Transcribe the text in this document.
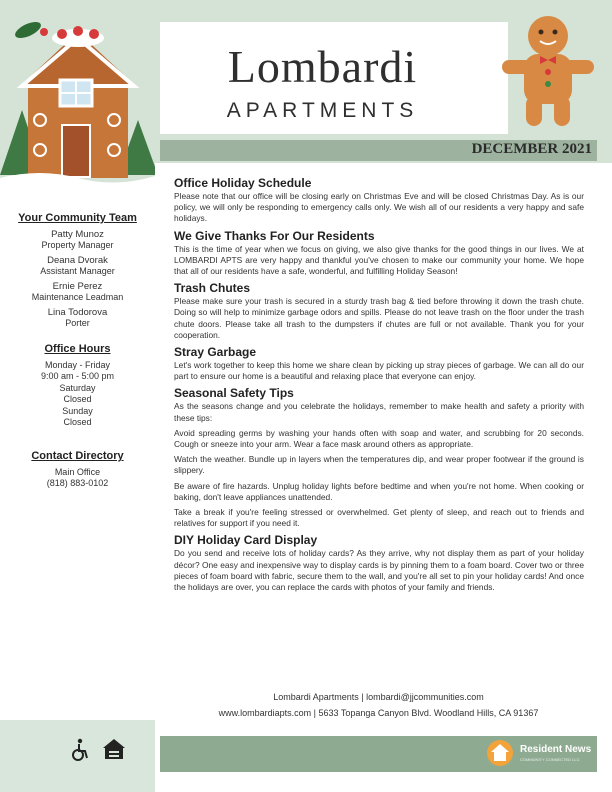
Your Community Team
Patty Munoz
Property Manager
Deana Dvorak
Assistant Manager
Ernie Perez
Maintenance Leadman
Lina Todorova
Porter
Office Hours
Monday - Friday
9:00 am - 5:00 pm
Saturday
Closed
Sunday
Closed
Contact Directory
Main Office
(818) 883-0102
Lombardi
APARTMENTS
DECEMBER 2021
Office Holiday Schedule

Please note that our office will be closing early on Christmas Eve and will be closed Christmas Day. As is our policy, we will only be responding to emergency calls only. We wish all of our residents a very happy and safe holidays.

We Give Thanks For Our Residents

This is the time of year when we focus on giving, we also give thanks for the good things in our lives. We at LOMBARDI APTS are very happy and thankful you've chosen to make our community your home. We hope that all of our residents have a safe, wonderful, and fulfilling Holiday Season!

Trash Chutes

Please make sure your trash is secured in a sturdy trash bag & tied before throwing it down the trash chute. Doing so will help to minimize garbage odors and spills. Please do not leave trash on the floor under the trash chute doors. Please take all trash to the dumpsters if chutes are full or not available. Thank you for your cooperation.

Stray Garbage

Let's work together to keep this home we share clean by picking up stray pieces of garbage. We can all do our part to ensure our home is a beautiful and relaxing place that everyone can enjoy.

Seasonal Safety Tips

As the seasons change and you celebrate the holidays, remember to make health and safety a priority with these tips:

Avoid spreading germs by washing your hands often with soap and water, and scrubbing for 20 seconds. Cough or sneeze into your arm. Wear a face mask around others as appropriate.

Watch the weather. Bundle up in layers when the temperatures dip, and wear proper footwear if the ground is slippery.

Be aware of fire hazards. Unplug holiday lights before bedtime and when you're not home. When cooking or baking, don't leave appliances unattended.

Take a break if you're feeling stressed or overwhelmed. Get plenty of sleep, and reach out to friends and relatives for support if you need it.

DIY Holiday Card Display

Do you send and receive lots of holiday cards? As they arrive, why not display them as part of your holiday décor? One easy and inexpensive way to display cards is by pinning them to a foam board. Cover two or three pieces of foam board with fabric, secure them to the wall, and you're all set to pin your holiday cards! And once the holidays are over, you can replace the cards with photos of your family and friends.

Lombardi Apartments | lombardi@jjcommunities.com
www.lombardiapts.com | 5633 Topanga Canyon Blvd. Woodland Hills, CA 91367
Resident News
COMMUNITY CONNECTED LLC
